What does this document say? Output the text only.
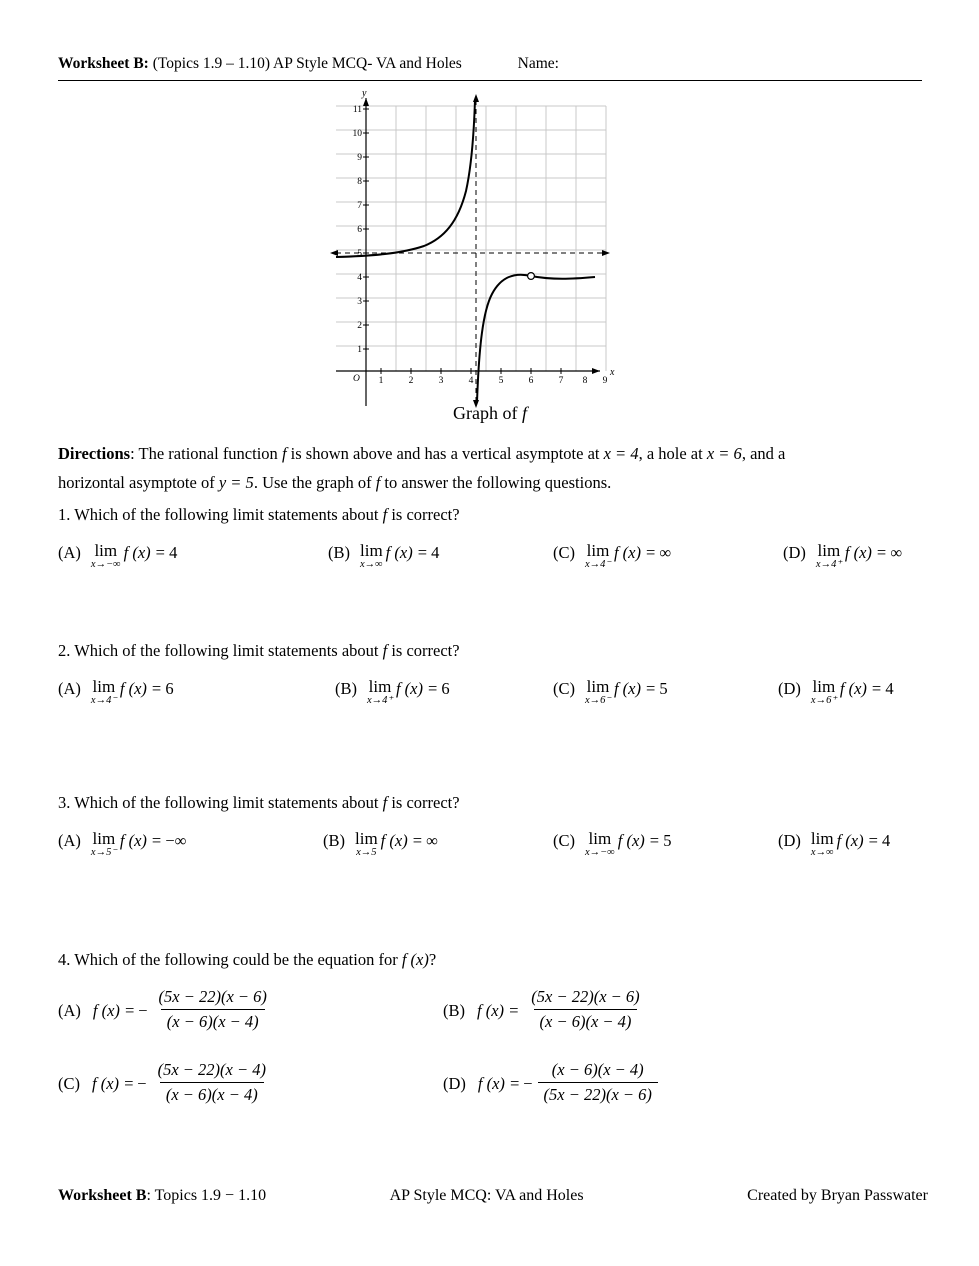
Worksheet B: (Topics 1.9 – 1.10) AP Style MCQ- VA and Holes	Name:
x
y
O 1	2	3	4	5	6	7 8 9
1
2
3
4
5
6
7
8
9
10
11
Graph of f
Directions: The rational function f is shown above and has a vertical asymptote at x = 4, a hole at x = 6, and a
horizontal asymptote of y = 5. Use the graph of f to answer the following questions.
1. Which of the following limit statements about f is correct?
(A) lim
x→−∞
f (x) = 4	(B) lim
x→∞
f (x) = 4	(C) lim
x→4⁻
f (x) = ∞	(D) lim
x→4⁺
f (x) = ∞
2. Which of the following limit statements about f is correct?
(A) lim
x→4⁻
f (x) = 6	(B) lim
x→4⁺
f (x) = 6	(C) lim
x→6⁻
f (x) = 5	(D) lim
x→6⁺
f (x) = 4
3. Which of the following limit statements about f is correct?
(A) lim
x→5⁻
f (x) = −∞	(B) lim
x→5
f (x) = ∞	(C) lim
x→−∞
f (x) = 5	(D) lim
x→∞
f (x) = 4
4. Which of the following could be the equation for f (x)?
(A) f (x) = − $\frac{(5x - 22)(x - 6)}{(x - 6)(x - 4)}$	(B) f $(x) = \frac{(5x - 22)(x - 6)}{(x - 6)(x - 4)}$
(C) f (x) = − $\frac{(5x - 22)(x - 4)}{(x - 6)(x - 4)}$	(D) f (x) = − $\frac{(x - 6)(x - 4)}{(5x - 22)(x - 6)}$
Worksheet B: Topics 1.9 − 1.10	AP Style MCQ: VA and Holes	Created by Bryan Passwater
